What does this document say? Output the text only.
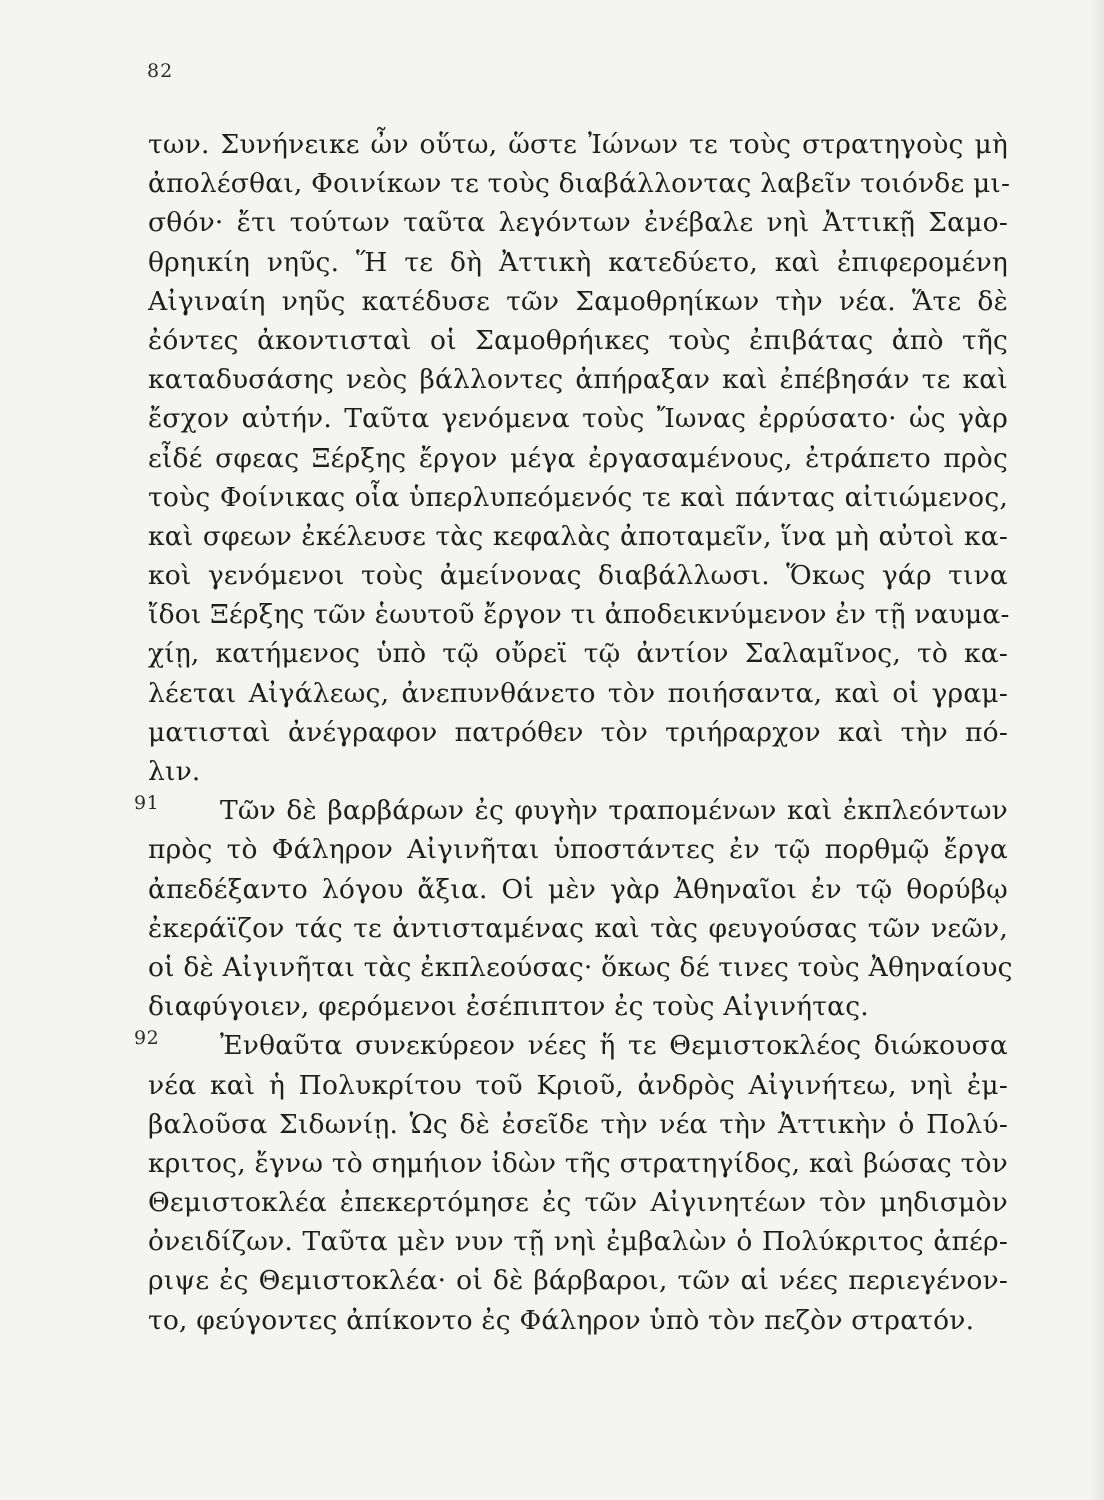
82
των. Συνήνεικε ὦν οὕτω, ὥστε Ἰώνων τε τοὺς στρατηγοὺς μὴ
ἀπολέσθαι, Φοινίκων τε τοὺς διαβάλλοντας λαβεῖν τοιόνδε μι-
σθόν· ἔτι τούτων ταῦτα λεγόντων ἐνέβαλε νηὶ Ἀττικῇ Σαμο-
θρηικίη νηῦς. Ἥ τε δὴ Ἀττικὴ κατεδύετο, καὶ ἐπιφερομένη
Αἰγιναίη νηῦς κατέδυσε τῶν Σαμοθρηίκων τὴν νέα. Ἅτε δὲ
ἐόντες ἀκοντισταὶ οἱ Σαμοθρήικες τοὺς ἐπιβάτας ἀπὸ τῆς
καταδυσάσης νεὸς βάλλοντες ἀπήραξαν καὶ ἐπέβησάν τε καὶ
ἔσχον αὐτήν. Ταῦτα γενόμενα τοὺς Ἴωνας ἐρρύσατο· ὡς γὰρ
εἶδέ σφεας Ξέρξης ἔργον μέγα ἐργασαμένους, ἐτράπετο πρὸς
τοὺς Φοίνικας οἷα ὑπερλυπεόμενός τε καὶ πάντας αἰτιώμενος,
καὶ σφεων ἐκέλευσε τὰς κεφαλὰς ἀποταμεῖν, ἵνα μὴ αὐτοὶ κα-
κοὶ γενόμενοι τοὺς ἀμείνονας διαβάλλωσι. Ὅκως γάρ τινα
ἴδοι Ξέρξης τῶν ἑωυτοῦ ἔργον τι ἀποδεικνύμενον ἐν τῇ ναυμα-
χίῃ, κατήμενος ὑπὸ τῷ οὔρεϊ τῷ ἀντίον Σαλαμῖνος, τὸ κα-
λέεται Αἰγάλεως, ἀνεπυνθάνετο τὸν ποιήσαντα, καὶ οἱ γραμ-
ματισταὶ ἀνέγραφον πατρόθεν τὸν τριήραρχον καὶ τὴν πό-
λιν.
91	Τῶν δὲ βαρβάρων ἐς φυγὴν τραπομένων καὶ ἐκπλεόντων
πρὸς τὸ Φάληρον Αἰγινῆται ὑποστάντες ἐν τῷ πορθμῷ ἔργα
ἀπεδέξαντο λόγου ἄξια. Οἱ μὲν γὰρ Ἀθηναῖοι ἐν τῷ θορύβῳ
ἐκεράϊζον τάς τε ἀντισταμένας καὶ τὰς φευγούσας τῶν νεῶν,
οἱ δὲ Αἰγινῆται τὰς ἐκπλεούσας· ὅκως δέ τινες τοὺς Ἀθηναίους
διαφύγοιεν, φερόμενοι ἐσέπιπτον ἐς τοὺς Αἰγινήτας.
92	Ἐνθαῦτα συνεκύρεον νέες ἥ τε Θεμιστοκλέος διώκουσα
νέα καὶ ἡ Πολυκρίτου τοῦ Κριοῦ, ἀνδρὸς Αἰγινήτεω, νηὶ ἐμ-
βαλοῦσα Σιδωνίῃ. Ὡς δὲ ἐσεῖδε τὴν νέα τὴν Ἀττικὴν ὁ Πολύ-
κριτος, ἔγνω τὸ σημήιον ἰδὼν τῆς στρατηγίδος, καὶ βώσας τὸν
Θεμιστοκλέα ἐπεκερτόμησε ἐς τῶν Αἰγινητέων τὸν μηδισμὸν
ὀνειδίζων. Ταῦτα μὲν νυν τῇ νηὶ ἐμβαλὼν ὁ Πολύκριτος ἀπέρ-
ριψε ἐς Θεμιστοκλέα· οἱ δὲ βάρβαροι, τῶν αἱ νέες περιεγένον-
το, φεύγοντες ἀπίκοντο ἐς Φάληρον ὑπὸ τὸν πεζὸν στρατόν.
